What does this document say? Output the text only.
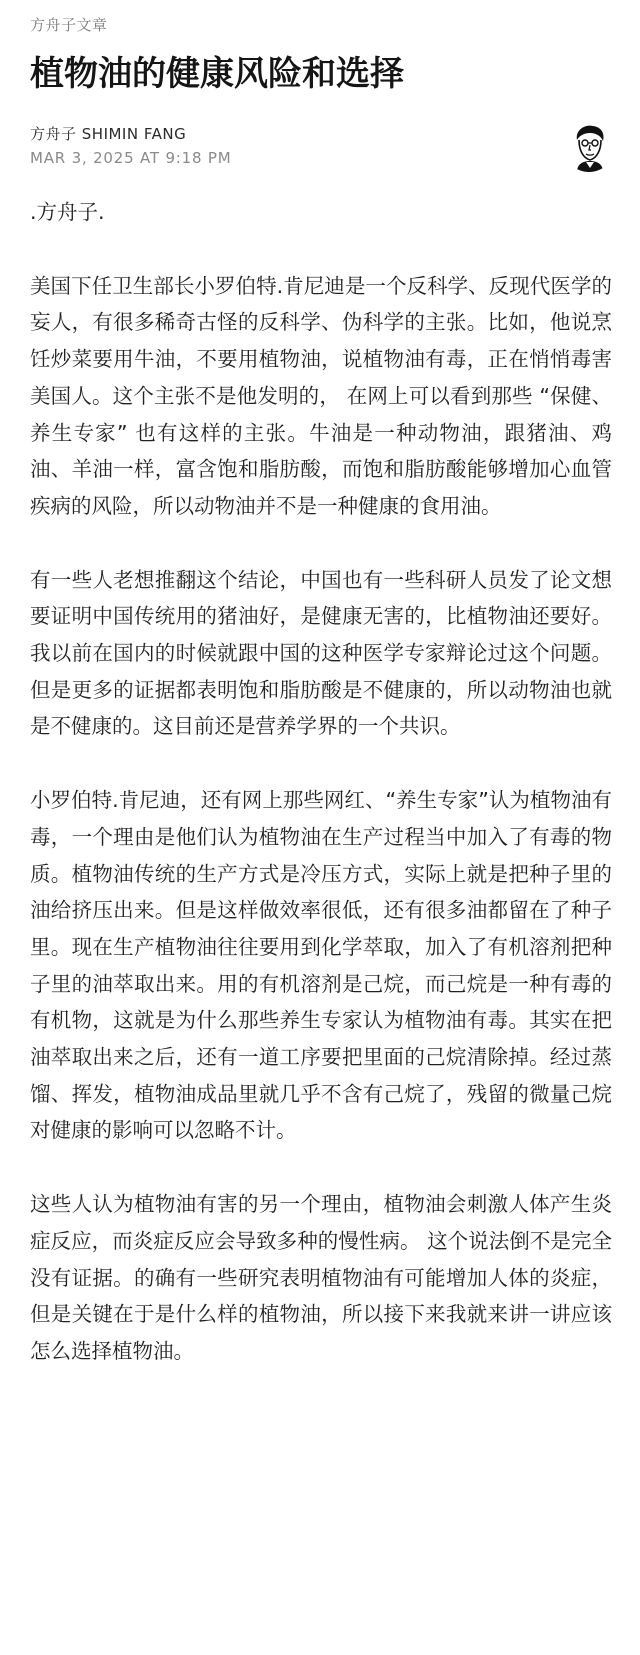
方舟子文章
植物油的健康风险和选择
方舟子 SHIMIN FANG
MAR 3, 2025 AT 9:18 PM

.方舟子.

美国下任卫生部长小罗伯特.肯尼迪是一个反科学、反现代医学的妄人，有很多稀奇古怪的反科学、伪科学的主张。比如，他说烹饪炒菜要用牛油，不要用植物油，说植物油有毒，正在悄悄毒害美国人。这个主张不是他发明的， 在网上可以看到那些 “保健、养生专家” 也有这样的主张。牛油是一种动物油，跟猪油、鸡油、羊油一样，富含饱和脂肪酸，而饱和脂肪酸能够增加心血管疾病的风险，所以动物油并不是一种健康的食用油。

有一些人老想推翻这个结论，中国也有一些科研人员发了论文想要证明中国传统用的猪油好，是健康无害的，比植物油还要好。我以前在国内的时候就跟中国的这种医学专家辩论过这个问题。但是更多的证据都表明饱和脂肪酸是不健康的，所以动物油也就是不健康的。这目前还是营养学界的一个共识。

小罗伯特.肯尼迪，还有网上那些网红、“养生专家”认为植物油有毒，一个理由是他们认为植物油在生产过程当中加入了有毒的物质。植物油传统的生产方式是冷压方式，实际上就是把种子里的油给挤压出来。但是这样做效率很低，还有很多油都留在了种子里。现在生产植物油往往要用到化学萃取，加入了有机溶剂把种子里的油萃取出来。用的有机溶剂是己烷，而己烷是一种有毒的有机物，这就是为什么那些养生专家认为植物油有毒。其实在把油萃取出来之后，还有一道工序要把里面的己烷清除掉。经过蒸馏、挥发，植物油成品里就几乎不含有己烷了，残留的微量己烷对健康的影响可以忽略不计。

这些人认为植物油有害的另一个理由，植物油会刺激人体产生炎症反应，而炎症反应会导致多种的慢性病。 这个说法倒不是完全没有证据。的确有一些研究表明植物油有可能增加人体的炎症，但是关键在于是什么样的植物油，所以接下来我就来讲一讲应该怎么选择植物油。
